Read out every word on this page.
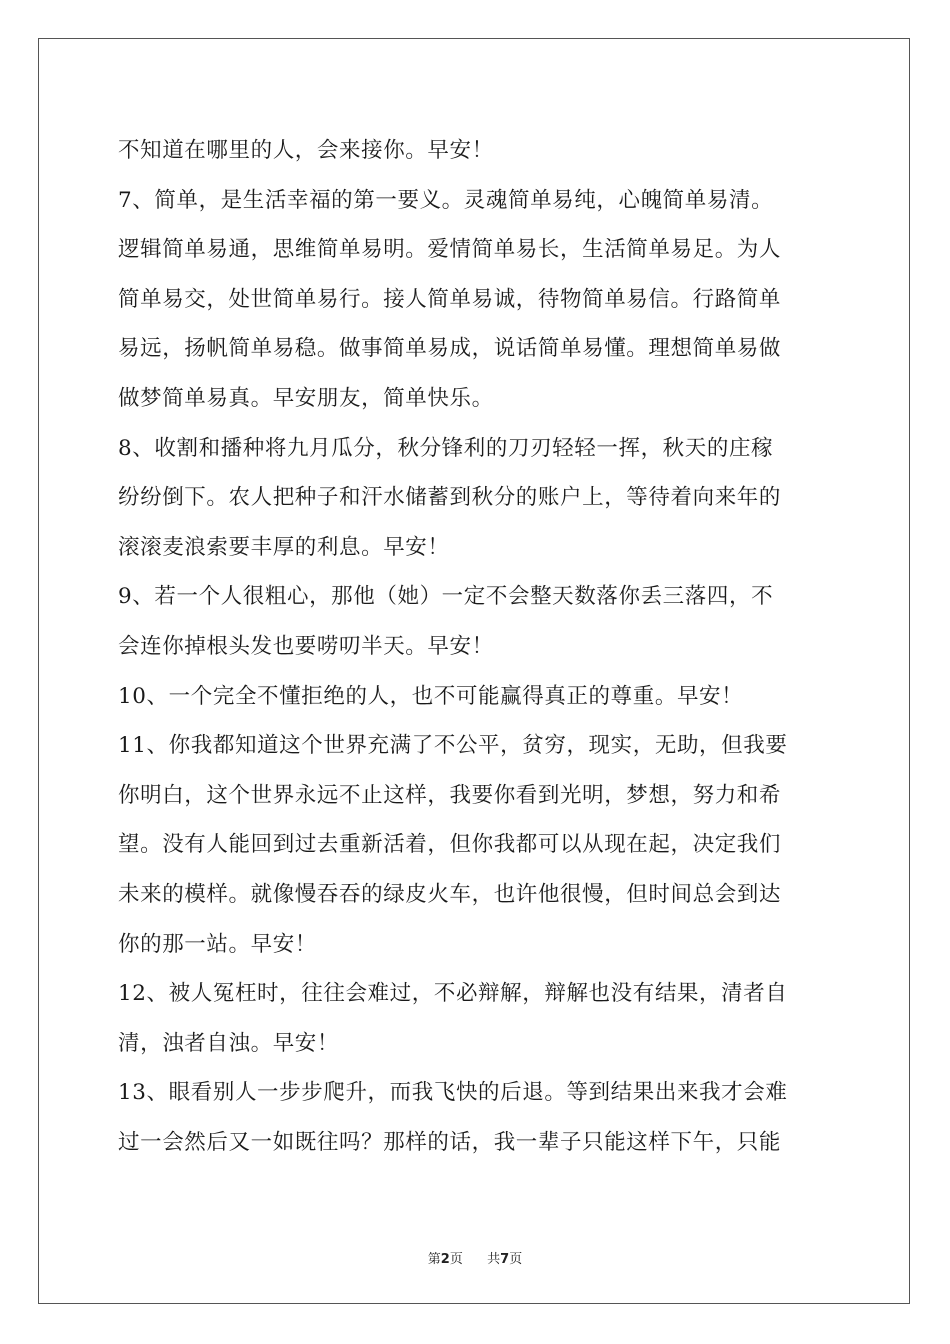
不知道在哪里的人，会来接你。早安！
7、简单，是生活幸福的第一要义。灵魂简单易纯，心魄简单易清。
逻辑简单易通，思维简单易明。爱情简单易长，生活简单易足。为人
简单易交，处世简单易行。接人简单易诚，待物简单易信。行路简单
易远，扬帆简单易稳。做事简单易成，说话简单易懂。理想简单易做
做梦简单易真。早安朋友，简单快乐。
8、收割和播种将九月瓜分，秋分锋利的刀刃轻轻一挥，秋天的庄稼
纷纷倒下。农人把种子和汗水储蓄到秋分的账户上，等待着向来年的
滚滚麦浪索要丰厚的利息。早安！
9、若一个人很粗心，那他（她）一定不会整天数落你丢三落四，不
会连你掉根头发也要唠叨半天。早安！
10、一个完全不懂拒绝的人，也不可能赢得真正的尊重。早安！
11、你我都知道这个世界充满了不公平，贫穷，现实，无助，但我要
你明白，这个世界永远不止这样，我要你看到光明，梦想，努力和希
望。没有人能回到过去重新活着，但你我都可以从现在起，决定我们
未来的模样。就像慢吞吞的绿皮火车，也许他很慢，但时间总会到达
你的那一站。早安！
12、被人冤枉时，往往会难过，不必辩解，辩解也没有结果，清者自
清，浊者自浊。早安！
13、眼看别人一步步爬升，而我飞快的后退。等到结果出来我才会难
过一会然后又一如既往吗？那样的话，我一辈子只能这样下午，只能
第2页 共7页
